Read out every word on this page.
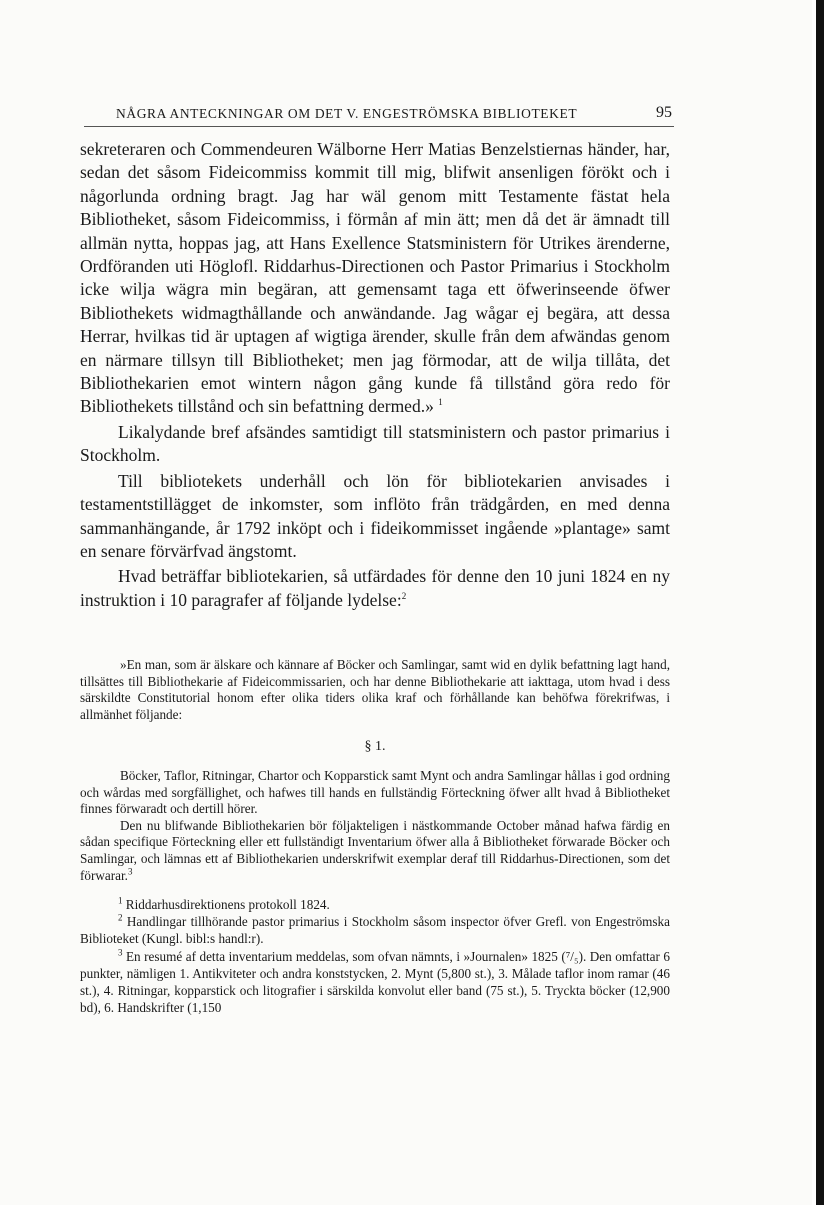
NÅGRA ANTECKNINGAR OM DET V. ENGESTRÖMSKA BIBLIOTEKET	95

sekreteraren och Commendeuren Wälborne Herr Matias Benzelstiernas händer, har, sedan det såsom Fideicommiss kommit till mig, blifwit ansenligen förökt och i någorlunda ordning bragt. Jag har wäl genom mitt Testamente fästat hela Bibliotheket, såsom Fideicommiss, i förmån af min ätt; men då det är ämnadt till allmän nytta, hoppas jag, att Hans Exellence Statsministern för Utrikes ärenderne, Ordföranden uti Höglofl. Riddarhus-Directionen och Pastor Primarius i Stockholm icke wilja wägra min begäran, att gemensamt taga ett öfwerinseende öfwer Bibliothekets widmagthållande och anwändande. Jag wågar ej begära, att dessa Herrar, hvilkas tid är uptagen af wigtiga ärender, skulle från dem afwändas genom en närmare tillsyn till Bibliotheket; men jag förmodar, att de wilja tillåta, det Bibliothekarien emot wintern någon gång kunde få tillstånd göra redo för Bibliothekets tillstånd och sin befattning dermed.» $^1$

Likalydande bref afsändes samtidigt till statsministern och pastor primarius i Stockholm.

Till bibliotekets underhåll och lön för bibliotekarien anvisades i testamentstillägget de inkomster, som inflöto från trädgården, en med denna sammanhängande, år 1792 inköpt och i fideikommisset ingående »plantage» samt en senare förvärfvad ängstomt.

Hvad beträffar bibliotekarien, så utfärdades för denne den 10 juni 1824 en ny instruktion i 10 paragrafer af följande lydelse:$^2$

»En man, som är älskare och kännare af Böcker och Samlingar, samt wid en dylik befattning lagt hand, tillsättes till Bibliothekarie af Fideicommissarien, och har denne Bibliothekarie att iakttaga, utom hvad i dess särskildte Constitutorial honom efter olika tiders olika kraf och förhållande kan behöfwa förekrifwas, i allmänhet följande:

§ 1.

Böcker, Taflor, Ritningar, Chartor och Kopparstick samt Mynt och andra Samlingar hållas i god ordning och wårdas med sorgfällighet, och hafwes till hands en fullständig Förteckning öfwer allt hvad å Bibliotheket finnes förwaradt och dertill hörer.

Den nu blifwande Bibliothekarien bör följakteligen i nästkommande October månad hafwa färdig en sådan specifique Förteckning eller ett fullständigt Inventarium öfwer alla å Bibliotheket förwarade Böcker och Samlingar, och lämnas ett af Bibliothekarien underskrifwit exemplar deraf till Riddarhus-Directionen, som det förwarar.$^3$

$^1$ Riddarhusdirektionens protokoll 1824.

$^2$ Handlingar tillhörande pastor primarius i Stockholm såsom inspector öfver Grefl. von Engeströmska Biblioteket (Kungl. bibl:s handl:r).

$^3$ En resumé af detta inventarium meddelas, som ofvan nämnts, i »Journalen» 1825 (⁷/₅). Den omfattar 6 punkter, nämligen 1. Antikviteter och andra konststycken, 2. Mynt (5,800 st.), 3. Målade taflor inom ramar (46 st.), 4. Ritningar, kopparstick och litografier i särskilda konvolut eller band (75 st.), 5. Tryckta böcker (12,900 bd), 6. Handskrifter (1,150
